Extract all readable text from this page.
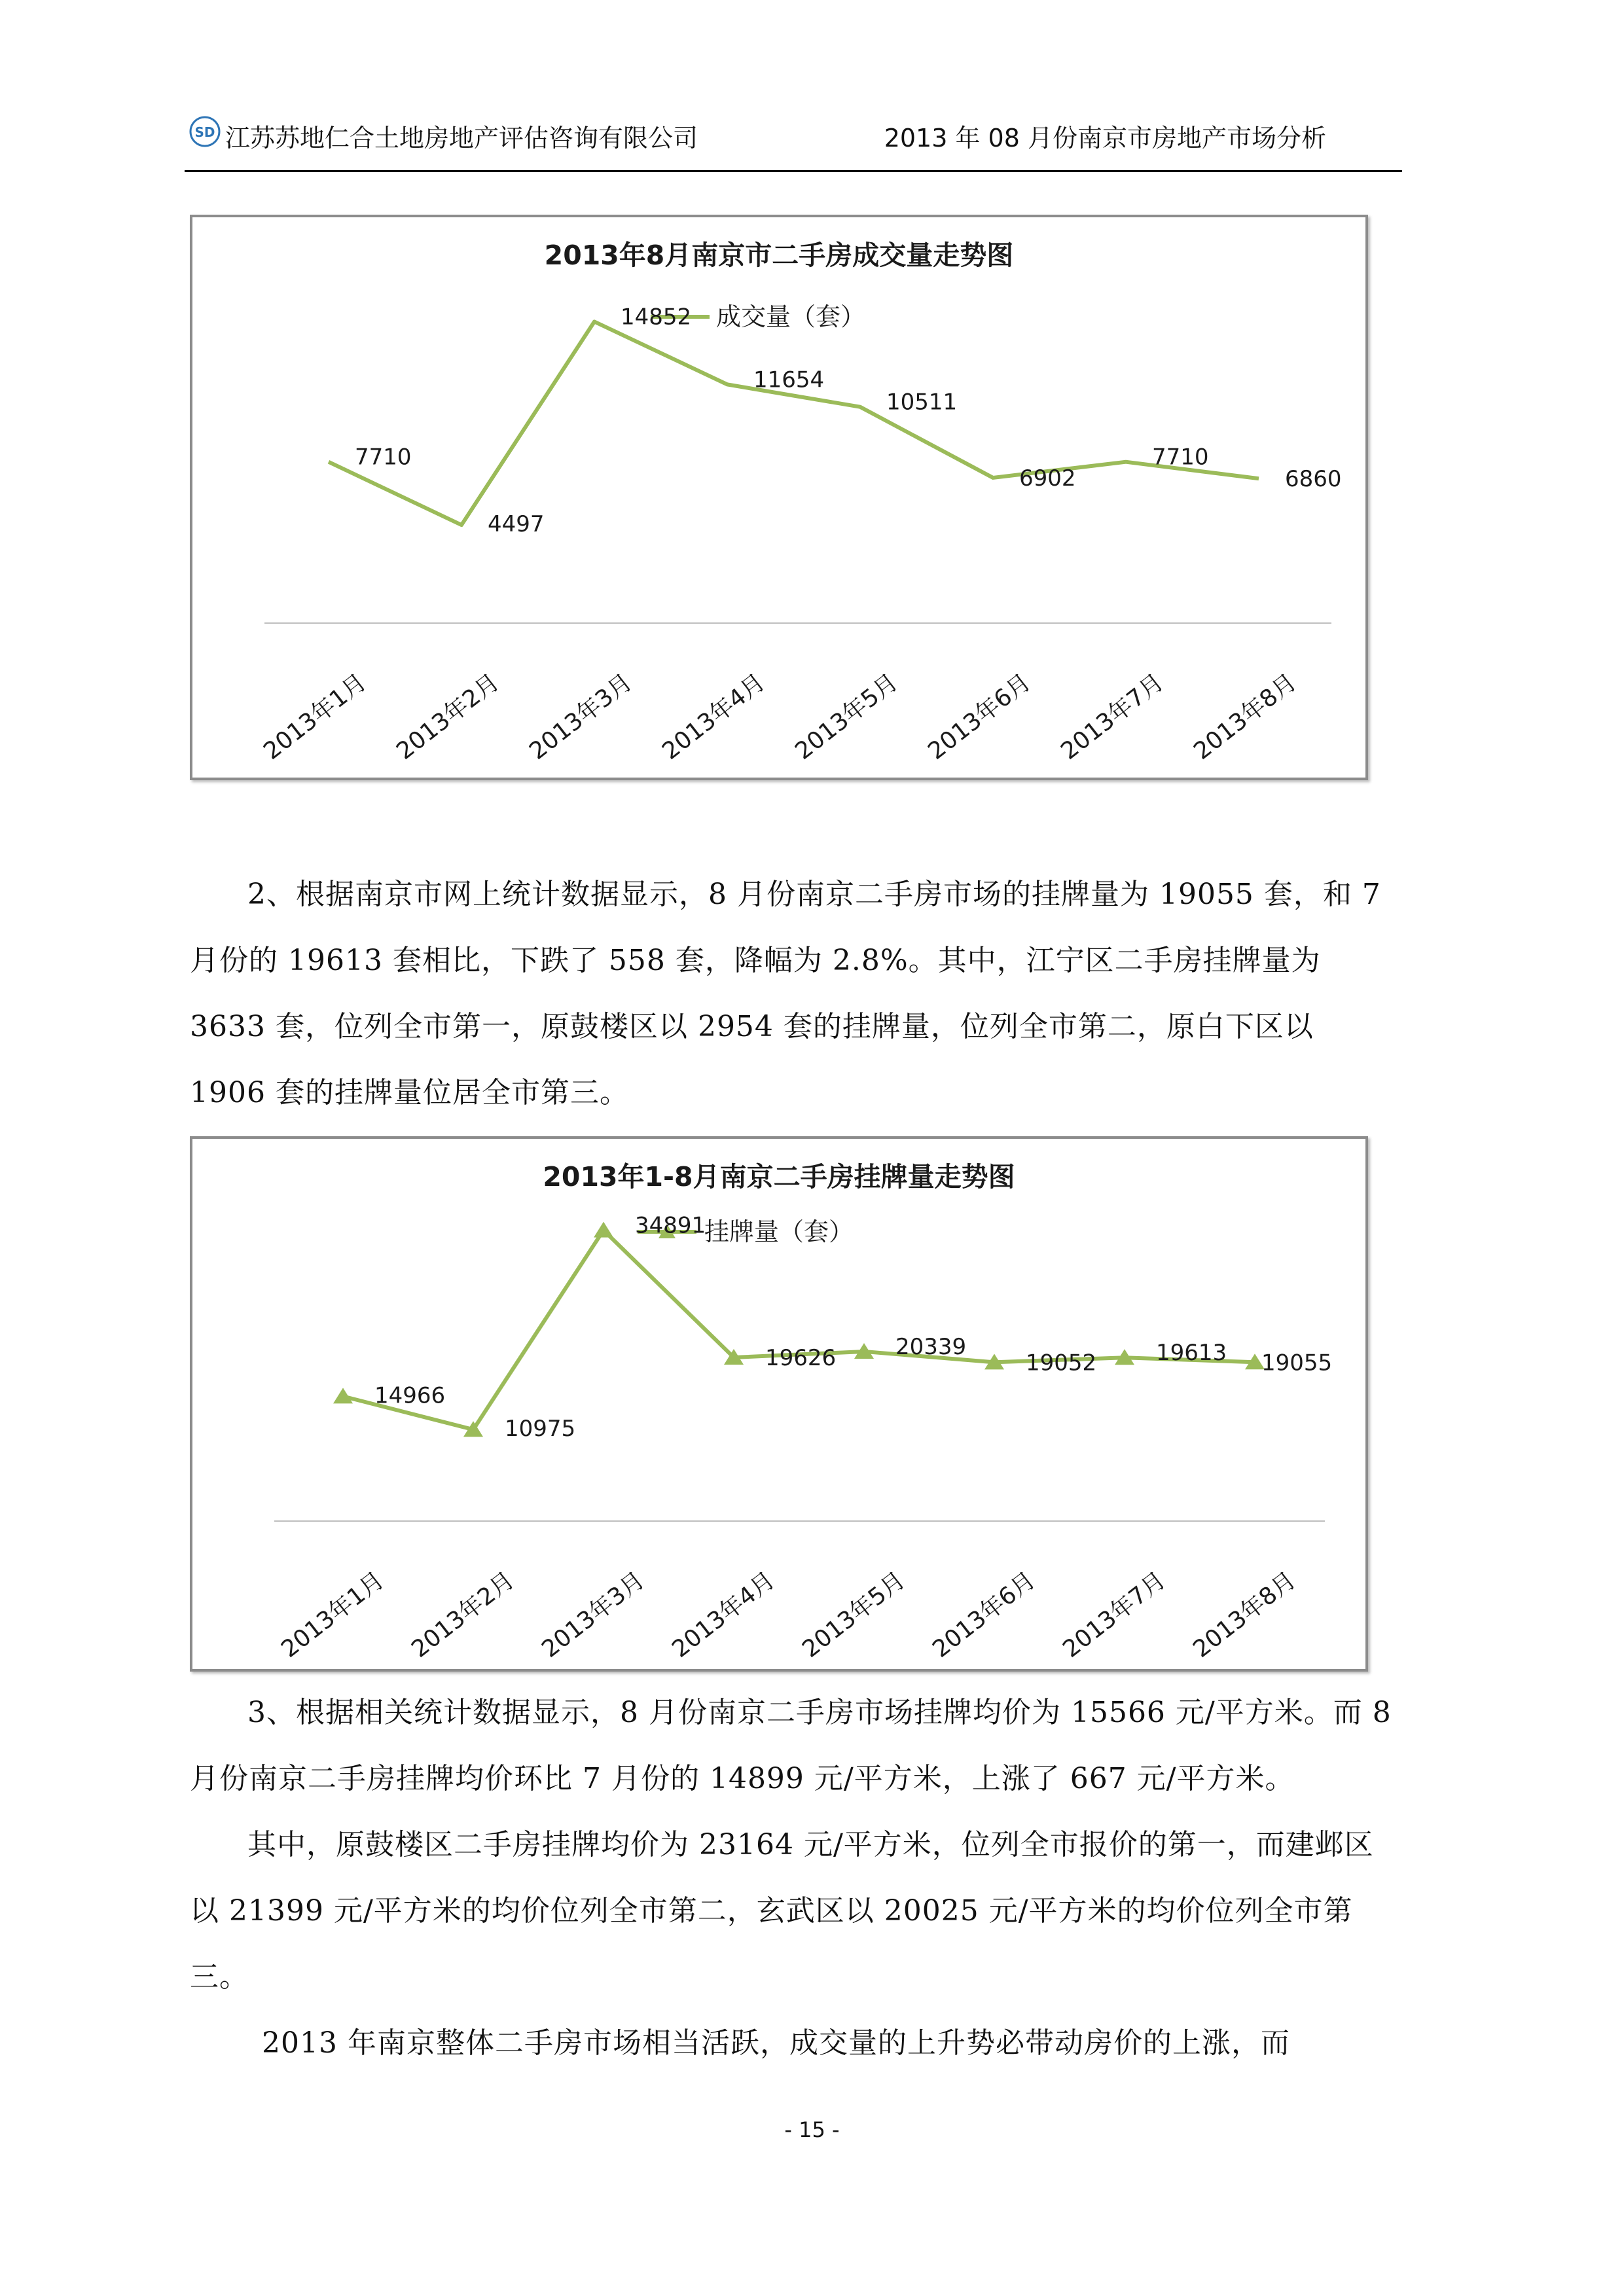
SD 江苏苏地仁合土地房地产评估咨询有限公司	2013 年 08 月份南京市房地产市场分析
2013年8月南京市二手房成交量走势图
成交量（套）
7710
2013年1月
4497
2013年2月
14852
2013年3月
11654
2013年4月
10511
2013年5月
6902
2013年6月
7710
2013年7月
6860
2013年8月

2、根据南京市网上统计数据显示，8 月份南京二手房市场的挂牌量为 19055 套，和 7 月份的 19613 套相比，下跌了 558 套，降幅为 2.8%。其中，江宁区二手房挂牌量为 3633 套，位列全市第一，原鼓楼区以 2954 套的挂牌量，位列全市第二，原白下区以 1906 套的挂牌量位居全市第三。

2013年1-8月南京二手房挂牌量走势图
挂牌量（套）
14966
2013年1月
10975
2013年2月
34891
2013年3月
19626
2013年4月
20339
2013年5月
19052
2013年6月
19613
2013年7月
19055
2013年8月

3、根据相关统计数据显示，8 月份南京二手房市场挂牌均价为 15566 元/平方米。而 8 月份南京二手房挂牌均价环比 7 月份的 14899 元/平方米，上涨了 667 元/平方米。

其中，原鼓楼区二手房挂牌均价为 23164 元/平方米，位列全市报价的第一，而建邺区以 21399 元/平方米的均价位列全市第二，玄武区以 20025 元/平方米的均价位列全市第三。

2013 年南京整体二手房市场相当活跃，成交量的上升势必带动房价的上涨，而

- 15 -
